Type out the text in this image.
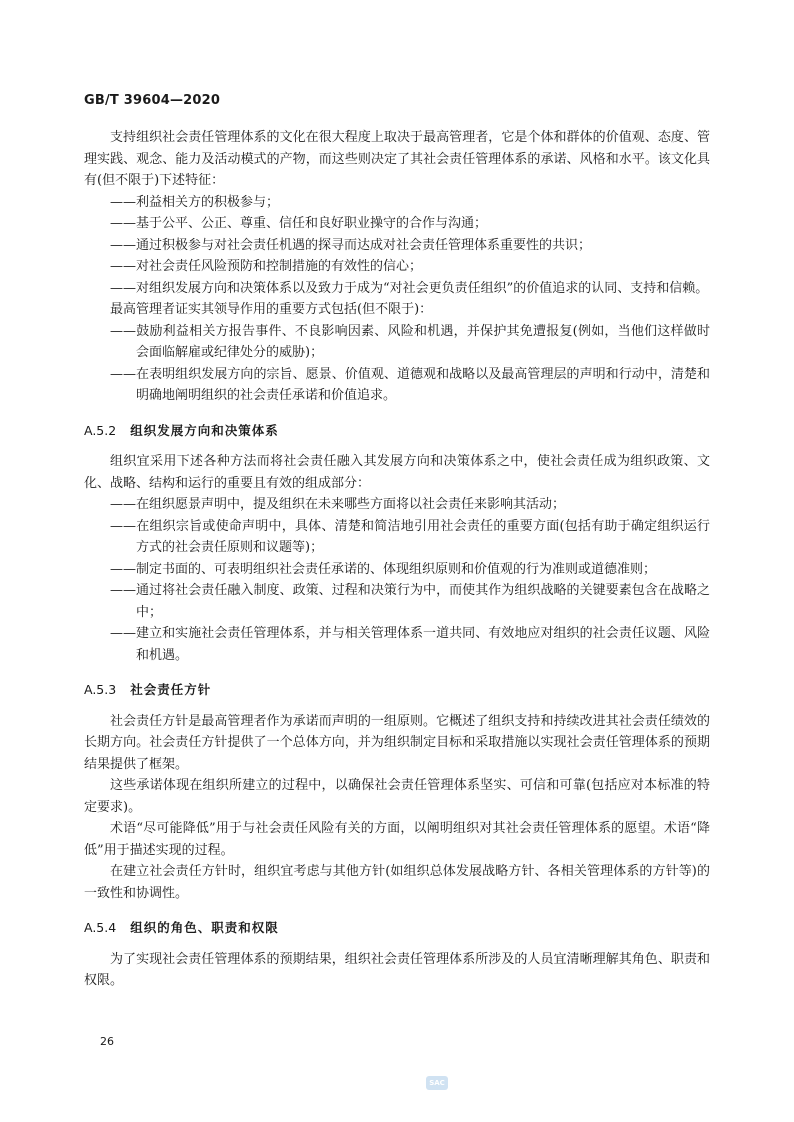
GB/T 39604—2020

支持组织社会责任管理体系的文化在很大程度上取决于最高管理者，它是个体和群体的价值观、态度、管理实践、观念、能力及活动模式的产物，而这些则决定了其社会责任管理体系的承诺、风格和水平。该文化具有(但不限于)下述特征：

——利益相关方的积极参与；

——基于公平、公正、尊重、信任和良好职业操守的合作与沟通；

——通过积极参与对社会责任机遇的探寻而达成对社会责任管理体系重要性的共识；

——对社会责任风险预防和控制措施的有效性的信心；

——对组织发展方向和决策体系以及致力于成为“对社会更负责任组织”的价值追求的认同、支持和信赖。

最高管理者证实其领导作用的重要方式包括(但不限于)：

——鼓励利益相关方报告事件、不良影响因素、风险和机遇，并保护其免遭报复(例如，当他们这样做时会面临解雇或纪律处分的威胁)；

——在表明组织发展方向的宗旨、愿景、价值观、道德观和战略以及最高管理层的声明和行动中，清楚和明确地阐明组织的社会责任承诺和价值追求。

A.5.2 组织发展方向和决策体系

组织宜采用下述各种方法而将社会责任融入其发展方向和决策体系之中，使社会责任成为组织政策、文化、战略、结构和运行的重要且有效的组成部分：

——在组织愿景声明中，提及组织在未来哪些方面将以社会责任来影响其活动；

——在组织宗旨或使命声明中，具体、清楚和简洁地引用社会责任的重要方面(包括有助于确定组织运行方式的社会责任原则和议题等)；

——制定书面的、可表明组织社会责任承诺的、体现组织原则和价值观的行为准则或道德准则；

——通过将社会责任融入制度、政策、过程和决策行为中，而使其作为组织战略的关键要素包含在战略之中；

——建立和实施社会责任管理体系，并与相关管理体系一道共同、有效地应对组织的社会责任议题、风险和机遇。

A.5.3 社会责任方针

社会责任方针是最高管理者作为承诺而声明的一组原则。它概述了组织支持和持续改进其社会责任绩效的长期方向。社会责任方针提供了一个总体方向，并为组织制定目标和采取措施以实现社会责任管理体系的预期结果提供了框架。

这些承诺体现在组织所建立的过程中，以确保社会责任管理体系坚实、可信和可靠(包括应对本标准的特定要求)。

术语“尽可能降低”用于与社会责任风险有关的方面，以阐明组织对其社会责任管理体系的愿望。术语“降低”用于描述实现的过程。

在建立社会责任方针时，组织宜考虑与其他方针(如组织总体发展战略方针、各相关管理体系的方针等)的一致性和协调性。

A.5.4 组织的角色、职责和权限

为了实现社会责任管理体系的预期结果，组织社会责任管理体系所涉及的人员宜清晰理解其角色、职责和权限。

26
SAC
